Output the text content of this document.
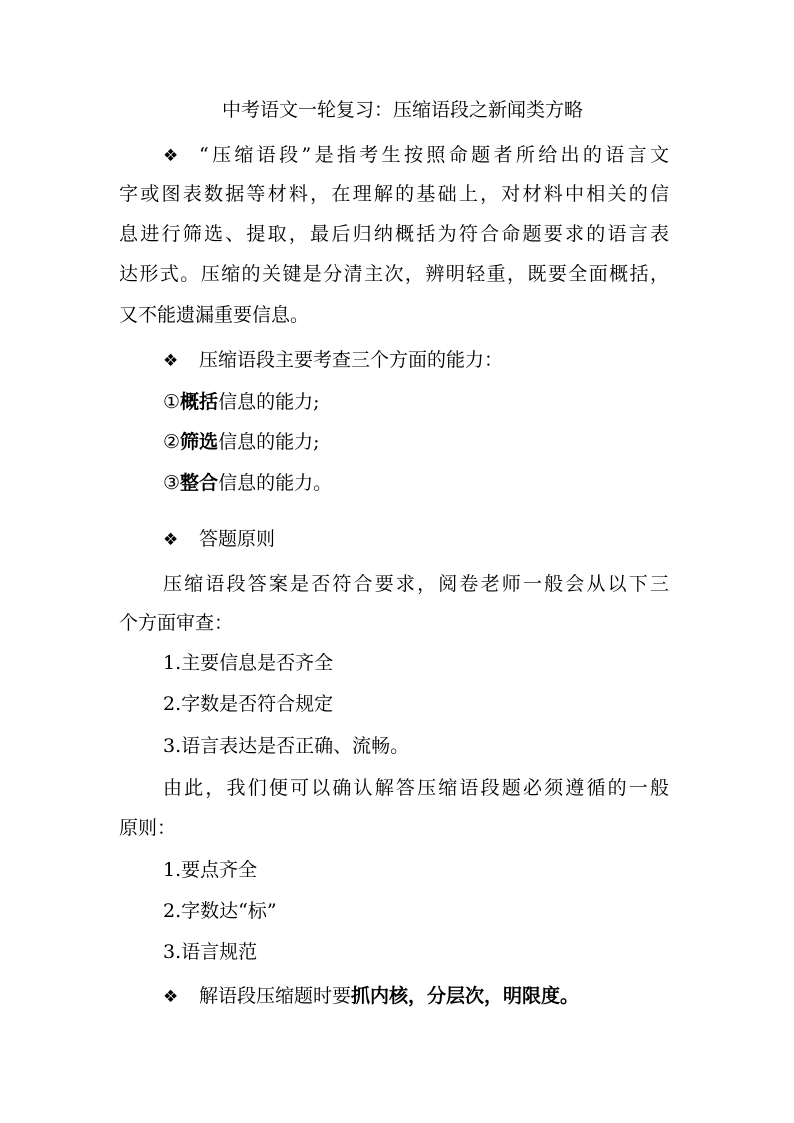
中考语文一轮复习：压缩语段之新闻类方略
❖ “压缩语段”是指考生按照命题者所给出的语言文
字或图表数据等材料，在理解的基础上，对材料中相关的信
息进行筛选、提取，最后归纳概括为符合命题要求的语言表
达形式。压缩的关键是分清主次，辨明轻重，既要全面概括，
又不能遗漏重要信息。
❖ 压缩语段主要考查三个方面的能力：
①概括信息的能力;
②筛选信息的能力;
③整合信息的能力。
❖ 答题原则
压缩语段答案是否符合要求，阅卷老师一般会从以下三
个方面审查：
1.主要信息是否齐全
2.字数是否符合规定
3.语言表达是否正确、流畅。
由此，我们便可以确认解答压缩语段题必须遵循的一般
原则：
1.要点齐全
2.字数达“标”
3.语言规范
❖ 解语段压缩题时要抓内核，分层次，明限度。
